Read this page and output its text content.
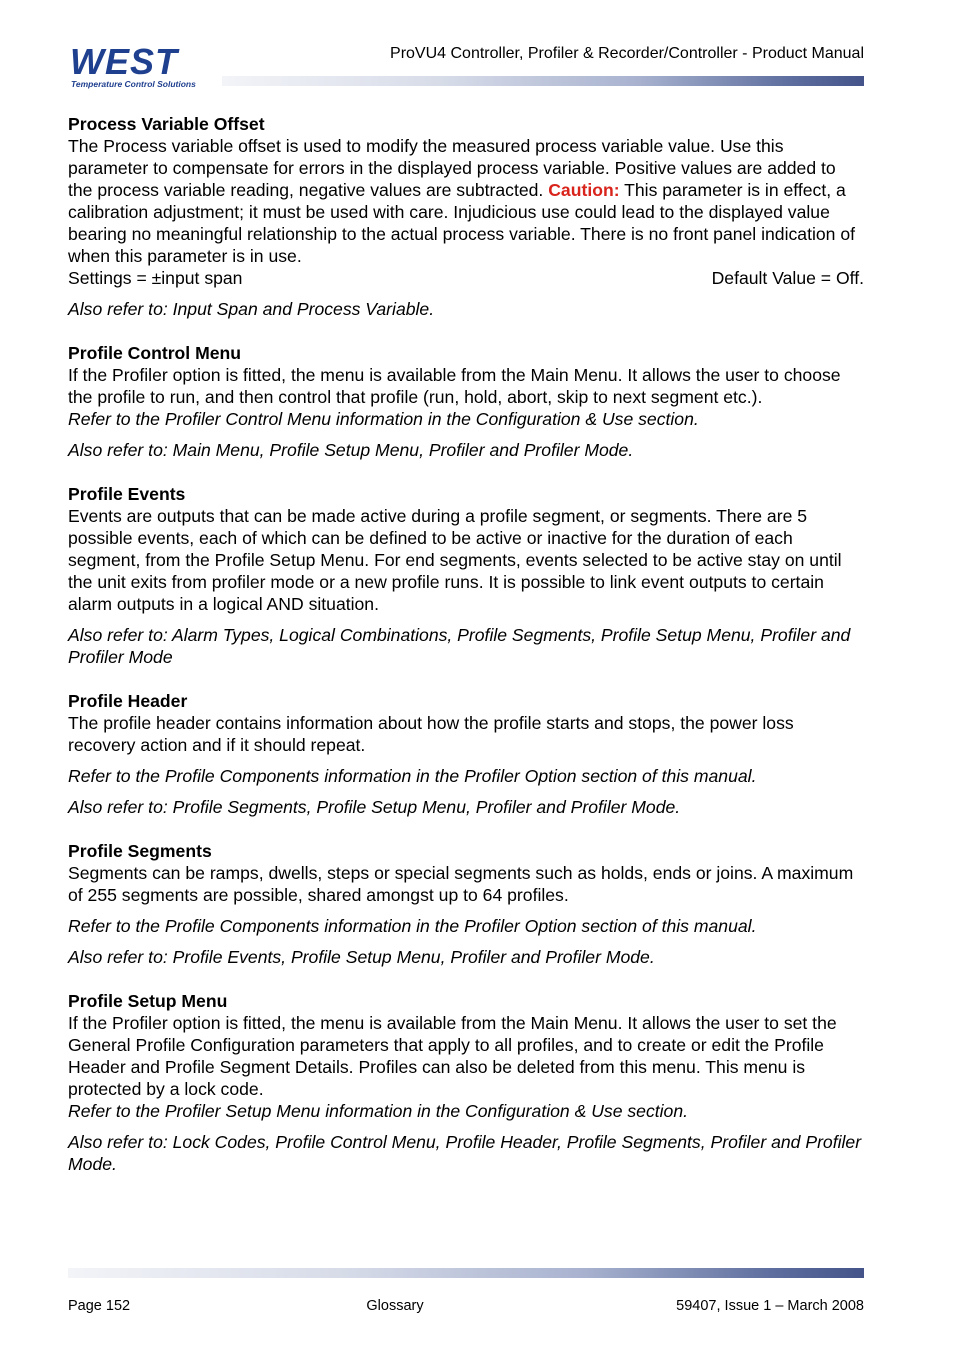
WEST
Temperature Control Solutions
ProVU4 Controller, Profiler & Recorder/Controller - Product Manual

Process Variable Offset

The Process variable offset is used to modify the measured process variable value. Use this parameter to compensate for errors in the displayed process variable. Positive values are added to the process variable reading, negative values are subtracted. Caution: This parameter is in effect, a calibration adjustment; it must be used with care. Injudicious use could lead to the displayed value bearing no meaningful relationship to the actual process variable. There is no front panel indication of when this parameter is in use.

Settings = ±input span	Default Value = Off.

Also refer to: Input Span and Process Variable.

Profile Control Menu

If the Profiler option is fitted, the menu is available from the Main Menu. It allows the user to choose the profile to run, and then control that profile (run, hold, abort, skip to next segment etc.).

Refer to the Profiler Control Menu information in the Configuration & Use section.

Also refer to: Main Menu, Profile Setup Menu, Profiler and Profiler Mode.

Profile Events

Events are outputs that can be made active during a profile segment, or segments. There are 5 possible events, each of which can be defined to be active or inactive for the duration of each segment, from the Profile Setup Menu. For end segments, events selected to be active stay on until the unit exits from profiler mode or a new profile runs. It is possible to link event outputs to certain alarm outputs in a logical AND situation.

Also refer to: Alarm Types, Logical Combinations, Profile Segments, Profile Setup Menu, Profiler and Profiler Mode

Profile Header

The profile header contains information about how the profile starts and stops, the power loss recovery action and if it should repeat.

Refer to the Profile Components information in the Profiler Option section of this manual.

Also refer to: Profile Segments, Profile Setup Menu, Profiler and Profiler Mode.

Profile Segments

Segments can be ramps, dwells, steps or special segments such as holds, ends or joins. A maximum of 255 segments are possible, shared amongst up to 64 profiles.

Refer to the Profile Components information in the Profiler Option section of this manual.

Also refer to: Profile Events, Profile Setup Menu, Profiler and Profiler Mode.

Profile Setup Menu

If the Profiler option is fitted, the menu is available from the Main Menu. It allows the user to set the General Profile Configuration parameters that apply to all profiles, and to create or edit the Profile Header and Profile Segment Details. Profiles can also be deleted from this menu. This menu is protected by a lock code.

Refer to the Profiler Setup Menu information in the Configuration & Use section.

Also refer to: Lock Codes, Profile Control Menu, Profile Header, Profile Segments, Profiler and Profiler Mode.

Page 152	Glossary	59407, Issue 1 – March 2008
